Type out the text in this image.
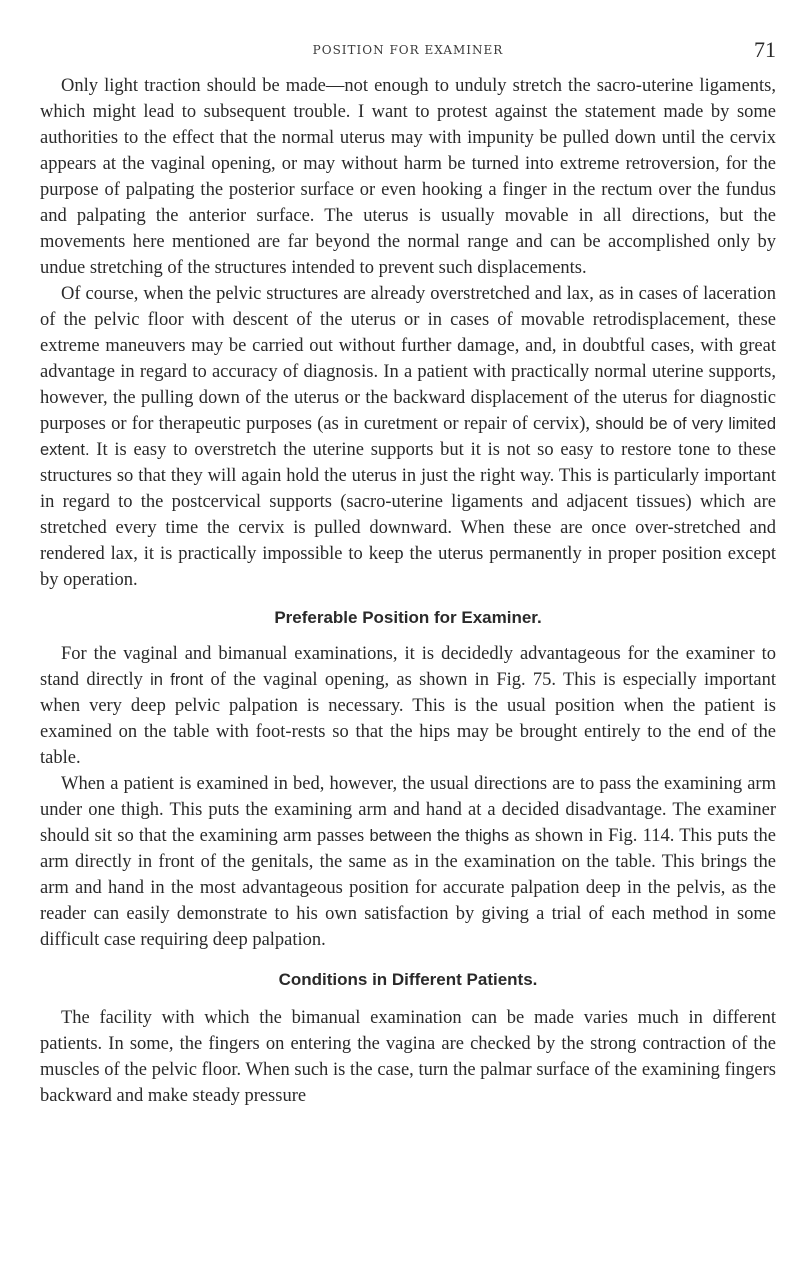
POSITION FOR EXAMINER	71

Only light traction should be made—not enough to unduly stretch the sacro-uterine ligaments, which might lead to subsequent trouble. I want to protest against the statement made by some authorities to the effect that the normal uterus may with impunity be pulled down until the cervix appears at the vaginal opening, or may without harm be turned into extreme retroversion, for the purpose of palpating the posterior surface or even hooking a finger in the rectum over the fundus and palpating the anterior surface. The uterus is usually movable in all directions, but the movements here mentioned are far beyond the normal range and can be accomplished only by undue stretching of the structures intended to prevent such displacements.

Of course, when the pelvic structures are already overstretched and lax, as in cases of laceration of the pelvic floor with descent of the uterus or in cases of movable retrodisplacement, these extreme maneuvers may be carried out without further damage, and, in doubtful cases, with great advantage in regard to accuracy of diagnosis. In a patient with practically normal uterine supports, however, the pulling down of the uterus or the backward displacement of the uterus for diagnostic purposes or for therapeutic purposes (as in curetment or repair of cervix), should be of very limited extent. It is easy to overstretch the uterine supports but it is not so easy to restore tone to these structures so that they will again hold the uterus in just the right way. This is particularly important in regard to the postcervical supports (sacro-uterine ligaments and adjacent tissues) which are stretched every time the cervix is pulled downward. When these are once over-stretched and rendered lax, it is practically impossible to keep the uterus permanently in proper position except by operation.

Preferable Position for Examiner.

For the vaginal and bimanual examinations, it is decidedly advantageous for the examiner to stand directly in front of the vaginal opening, as shown in Fig. 75. This is especially important when very deep pelvic palpation is necessary. This is the usual position when the patient is examined on the table with foot-rests so that the hips may be brought entirely to the end of the table.

When a patient is examined in bed, however, the usual directions are to pass the examining arm under one thigh. This puts the examining arm and hand at a decided disadvantage. The examiner should sit so that the examining arm passes between the thighs as shown in Fig. 114. This puts the arm directly in front of the genitals, the same as in the examination on the table. This brings the arm and hand in the most advantageous position for accurate palpation deep in the pelvis, as the reader can easily demonstrate to his own satisfaction by giving a trial of each method in some difficult case requiring deep palpation.

Conditions in Different Patients.

The facility with which the bimanual examination can be made varies much in different patients. In some, the fingers on entering the vagina are checked by the strong contraction of the muscles of the pelvic floor. When such is the case, turn the palmar surface of the examining fingers backward and make steady pressure
